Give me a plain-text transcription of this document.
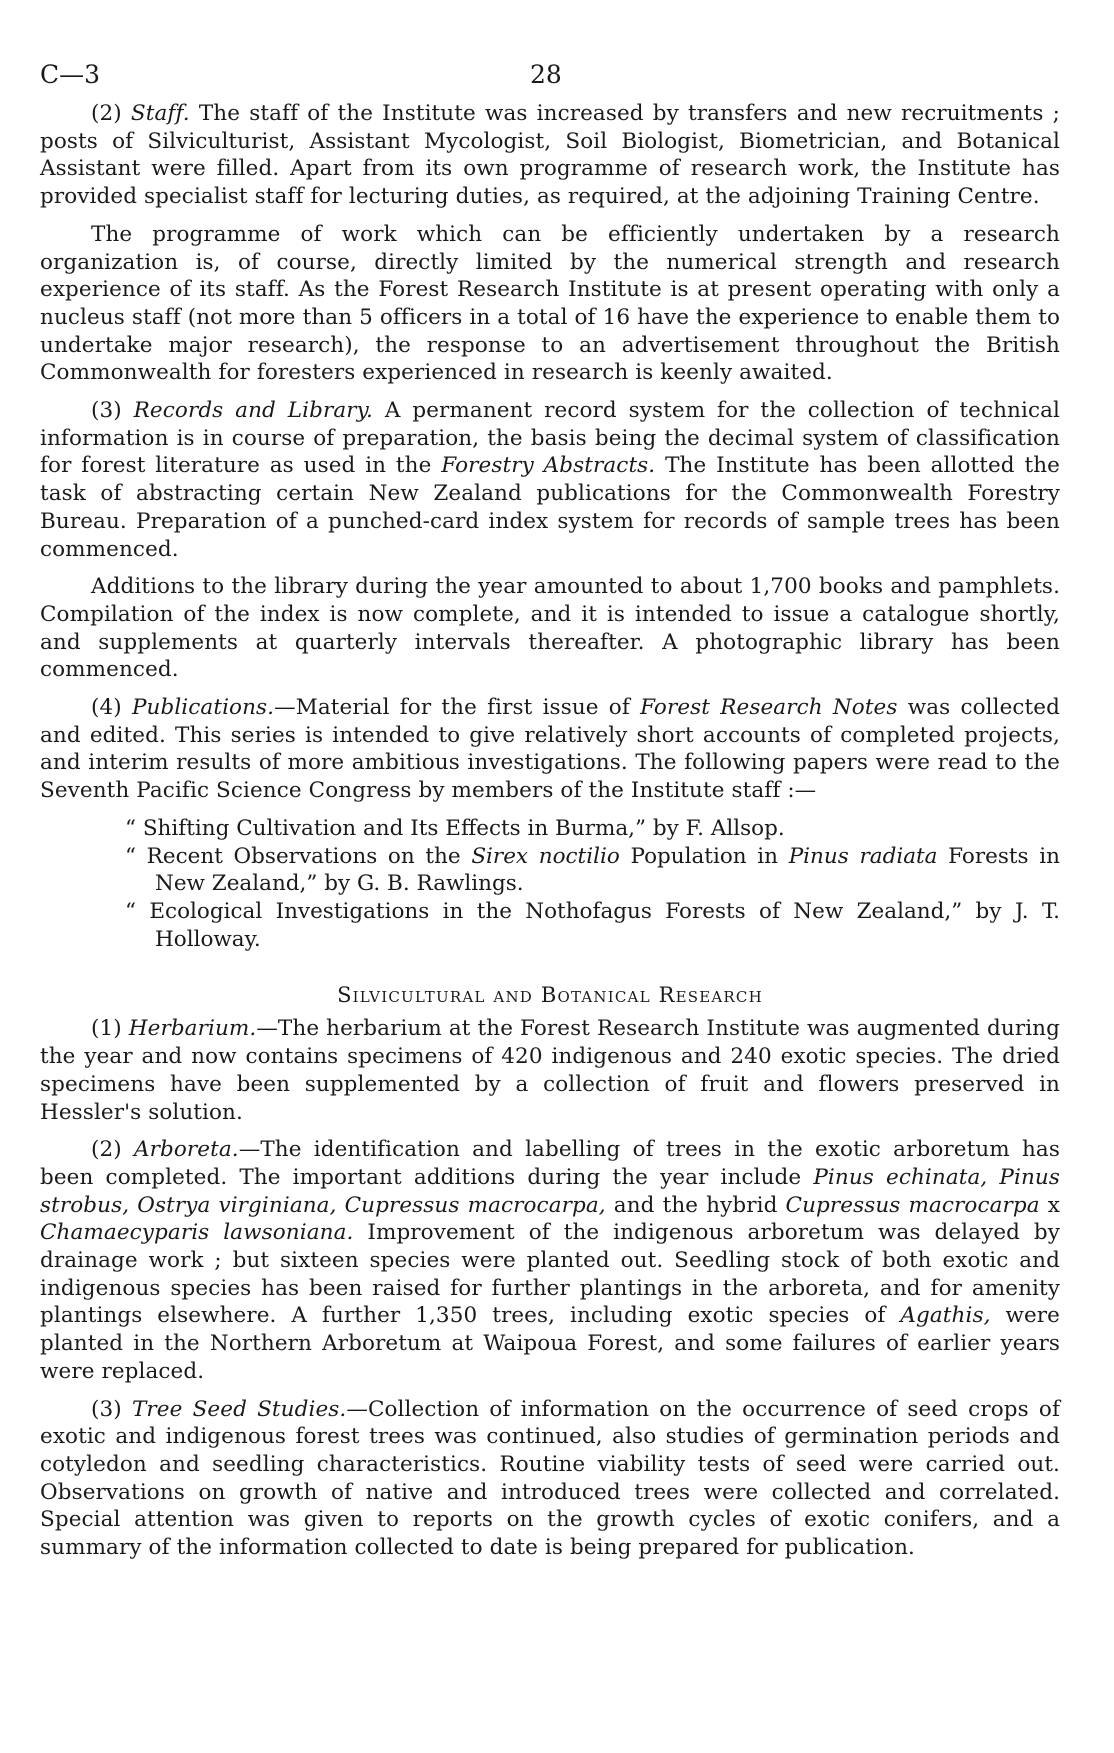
C—3	28

(2) Staff. The staff of the Institute was increased by transfers and new recruitments ; posts of Silviculturist, Assistant Mycologist, Soil Biologist, Biometrician, and Botanical Assistant were filled. Apart from its own programme of research work, the Institute has provided specialist staff for lecturing duties, as required, at the adjoining Training Centre.

The programme of work which can be efficiently undertaken by a research organization is, of course, directly limited by the numerical strength and research experience of its staff. As the Forest Research Institute is at present operating with only a nucleus staff (not more than 5 officers in a total of 16 have the experience to enable them to undertake major research), the response to an advertisement throughout the British Commonwealth for foresters experienced in research is keenly awaited.

(3) Records and Library. A permanent record system for the collection of technical information is in course of preparation, the basis being the decimal system of classification for forest literature as used in the Forestry Abstracts. The Institute has been allotted the task of abstracting certain New Zealand publications for the Commonwealth Forestry Bureau. Preparation of a punched-card index system for records of sample trees has been commenced.

Additions to the library during the year amounted to about 1,700 books and pamphlets. Compilation of the index is now complete, and it is intended to issue a catalogue shortly, and supplements at quarterly intervals thereafter. A photographic library has been commenced.

(4) Publications.—Material for the first issue of Forest Research Notes was collected and edited. This series is intended to give relatively short accounts of completed projects, and interim results of more ambitious investigations. The following papers were read to the Seventh Pacific Science Congress by members of the Institute staff :—

“ Shifting Cultivation and Its Effects in Burma,” by F. Allsop.
“ Recent Observations on the Sirex noctilio Population in Pinus radiata Forests in New Zealand,” by G. B. Rawlings.
“ Ecological Investigations in the Nothofagus Forests of New Zealand,” by J. T. Holloway.
Silvicultural and Botanical Research

(1) Herbarium.—The herbarium at the Forest Research Institute was augmented during the year and now contains specimens of 420 indigenous and 240 exotic species. The dried specimens have been supplemented by a collection of fruit and flowers preserved in Hessler's solution.

(2) Arboreta.—The identification and labelling of trees in the exotic arboretum has been completed. The important additions during the year include Pinus echinata, Pinus strobus, Ostrya virginiana, Cupressus macrocarpa, and the hybrid Cupressus macrocarpa x Chamaecyparis lawsoniana. Improvement of the indigenous arboretum was delayed by drainage work ; but sixteen species were planted out. Seedling stock of both exotic and indigenous species has been raised for further plantings in the arboreta, and for amenity plantings elsewhere. A further 1,350 trees, including exotic species of Agathis, were planted in the Northern Arboretum at Waipoua Forest, and some failures of earlier years were replaced.

(3) Tree Seed Studies.—Collection of information on the occurrence of seed crops of exotic and indigenous forest trees was continued, also studies of germination periods and cotyledon and seedling characteristics. Routine viability tests of seed were carried out. Observations on growth of native and introduced trees were collected and correlated. Special attention was given to reports on the growth cycles of exotic conifers, and a summary of the information collected to date is being prepared for publication.
